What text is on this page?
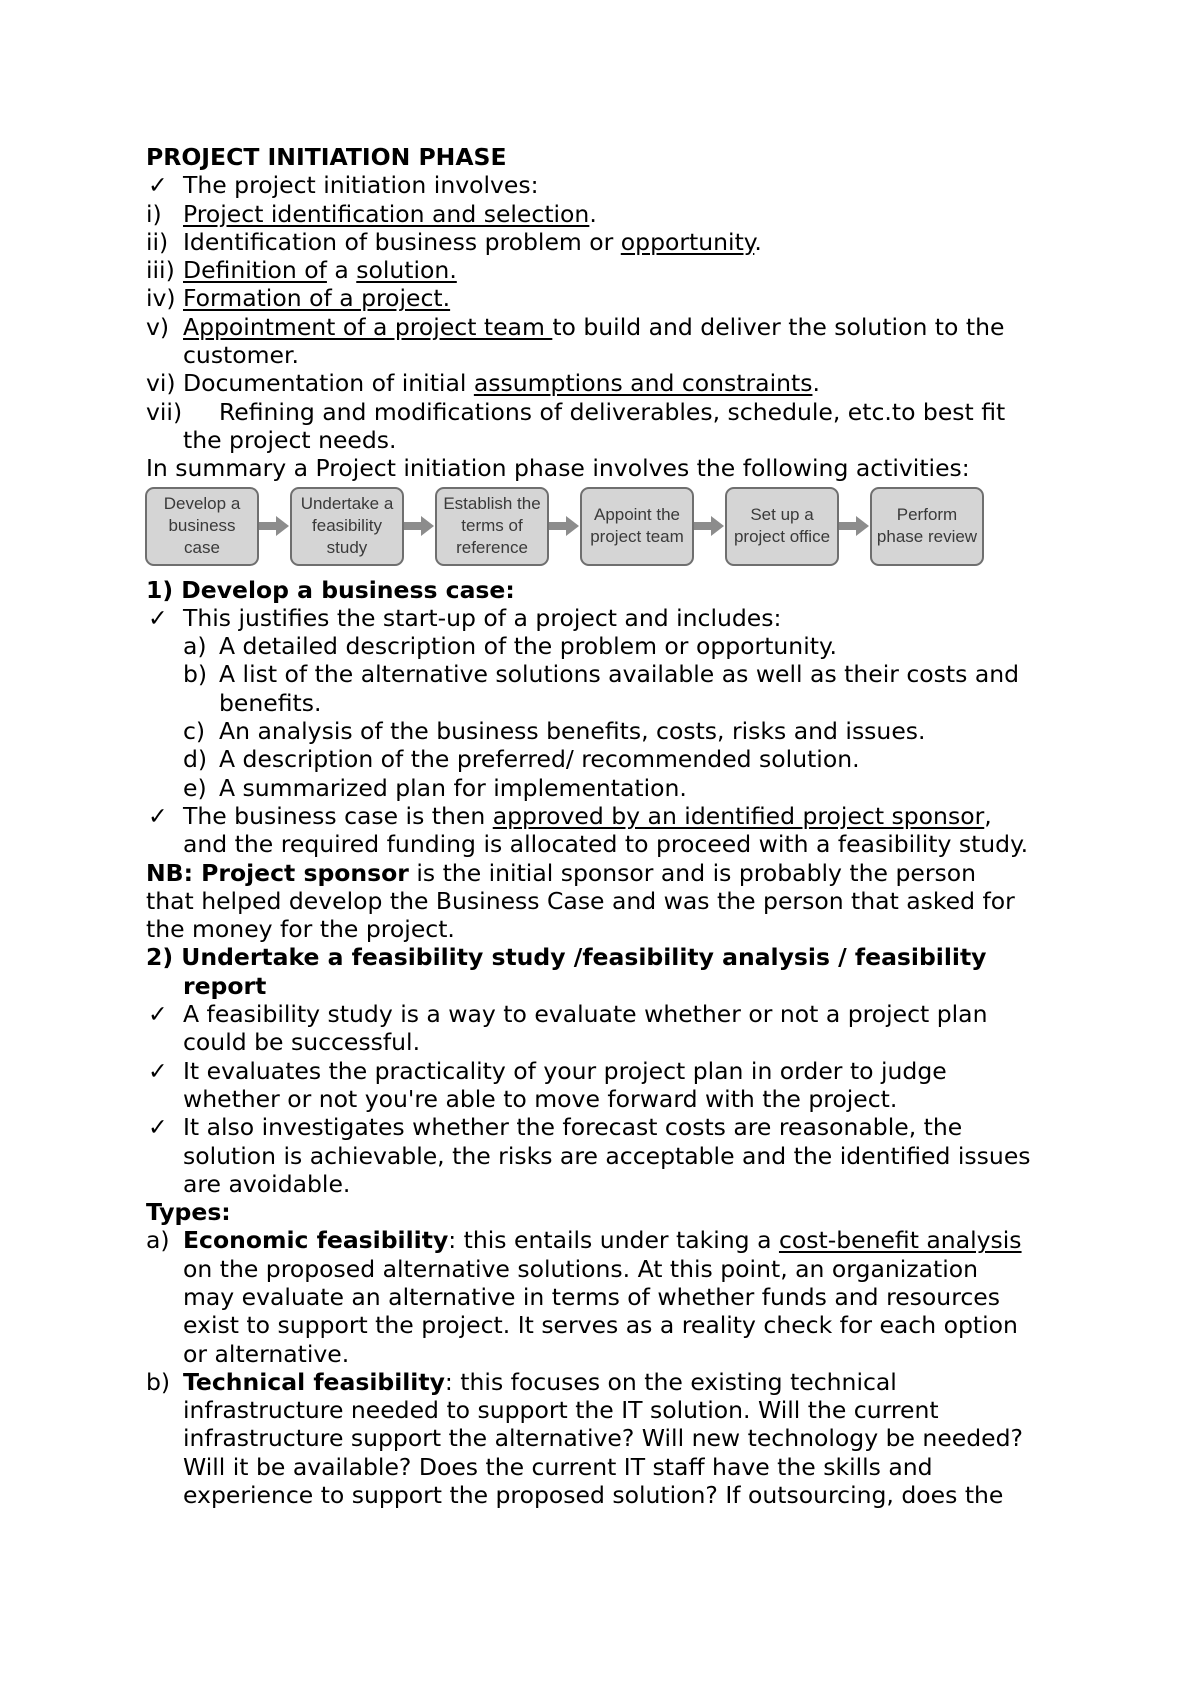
PROJECT INITIATION PHASE
✓ The project initiation involves:
i) Project identification and selection.
ii) Identification of business problem or opportunity.
iii) Definition of a solution.
iv) Formation of a project.
v) Appointment of a project team to build and deliver the solution to the
customer.
vi) Documentation of initial assumptions and constraints.
vii) Refining and modifications of deliverables, schedule, etc.to best fit
the project needs.
In summary a Project initiation phase involves the following activities:
Develop a business case
Undertake a feasibility study
Establish the terms of reference
Appoint the project team
Set up a project office
Perform phase review
1) Develop a business case:
✓ This justifies the start-up of a project and includes:
a) A detailed description of the problem or opportunity.
b) A list of the alternative solutions available as well as their costs and
benefits.
c) An analysis of the business benefits, costs, risks and issues.
d) A description of the preferred/ recommended solution.
e) A summarized plan for implementation.
✓ The business case is then approved by an identified project sponsor,
and the required funding is allocated to proceed with a feasibility study.
NB: Project sponsor is the initial sponsor and is probably the person
that helped develop the Business Case and was the person that asked for
the money for the project.
2) Undertake a feasibility study /feasibility analysis / feasibility
report
✓ A feasibility study is a way to evaluate whether or not a project plan
could be successful.
✓ It evaluates the practicality of your project plan in order to judge
whether or not you're able to move forward with the project.
✓ It also investigates whether the forecast costs are reasonable, the
solution is achievable, the risks are acceptable and the identified issues
are avoidable.
Types:
a) Economic feasibility: this entails under taking a cost-benefit analysis
on the proposed alternative solutions. At this point, an organization
may evaluate an alternative in terms of whether funds and resources
exist to support the project. It serves as a reality check for each option
or alternative.
b) Technical feasibility: this focuses on the existing technical
infrastructure needed to support the IT solution. Will the current
infrastructure support the alternative? Will new technology be needed?
Will it be available? Does the current IT staff have the skills and
experience to support the proposed solution? If outsourcing, does the
